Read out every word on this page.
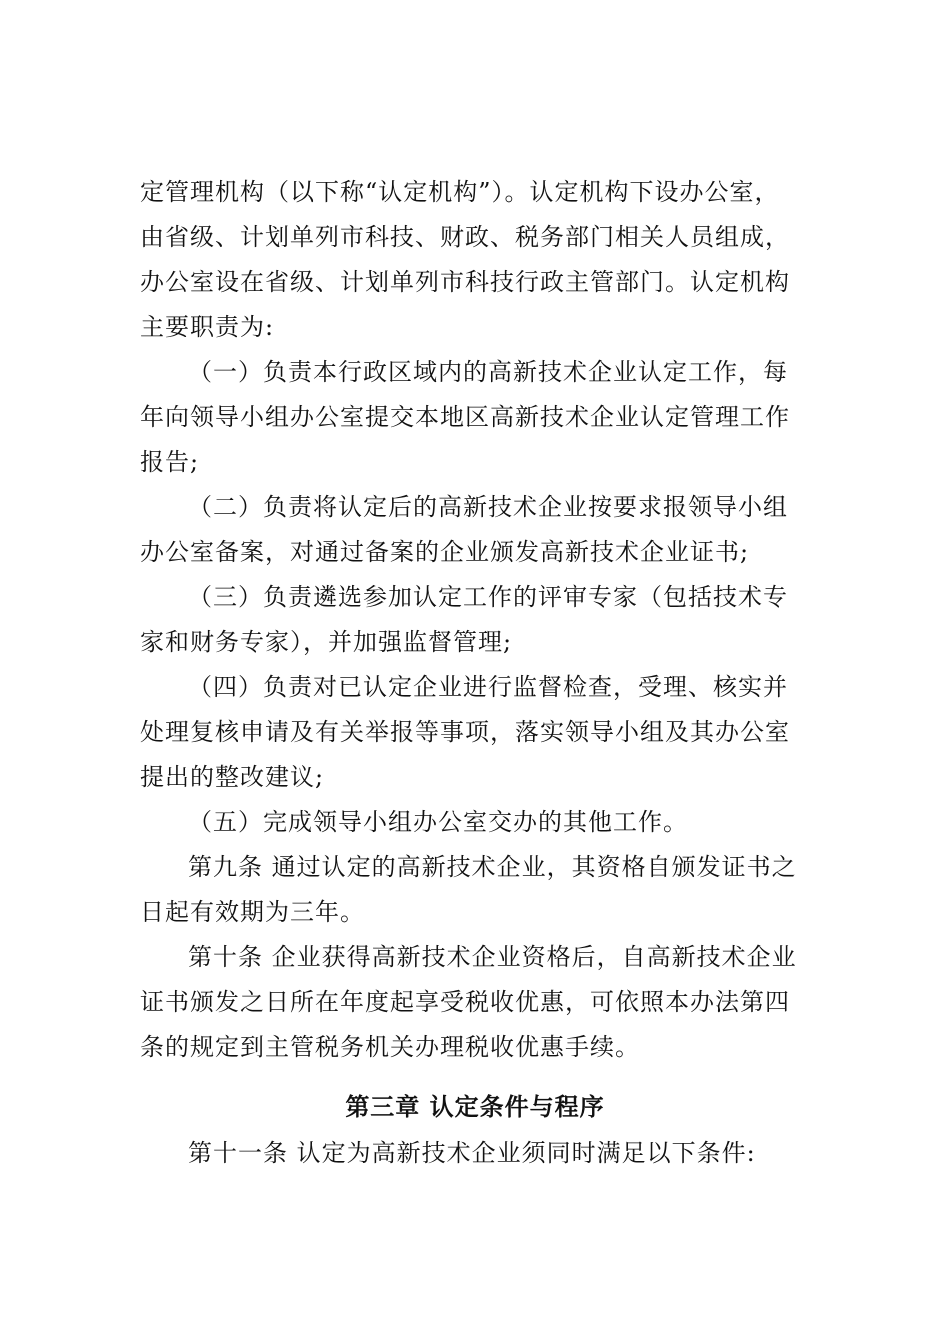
定管理机构（以下称“认定机构”）。认定机构下设办公室，
由省级、计划单列市科技、财政、税务部门相关人员组成，
办公室设在省级、计划单列市科技行政主管部门。认定机构
主要职责为:
（一）负责本行政区域内的高新技术企业认定工作，每
年向领导小组办公室提交本地区高新技术企业认定管理工作
报告;
（二）负责将认定后的高新技术企业按要求报领导小组
办公室备案，对通过备案的企业颁发高新技术企业证书;
（三）负责遴选参加认定工作的评审专家（包括技术专
家和财务专家），并加强监督管理;
（四）负责对已认定企业进行监督检查，受理、核实并
处理复核申请及有关举报等事项，落实领导小组及其办公室
提出的整改建议;
（五）完成领导小组办公室交办的其他工作。
第九条 通过认定的高新技术企业，其资格自颁发证书之
日起有效期为三年。
第十条 企业获得高新技术企业资格后，自高新技术企业
证书颁发之日所在年度起享受税收优惠，可依照本办法第四
条的规定到主管税务机关办理税收优惠手续。
第三章 认定条件与程序
第十一条 认定为高新技术企业须同时满足以下条件:
